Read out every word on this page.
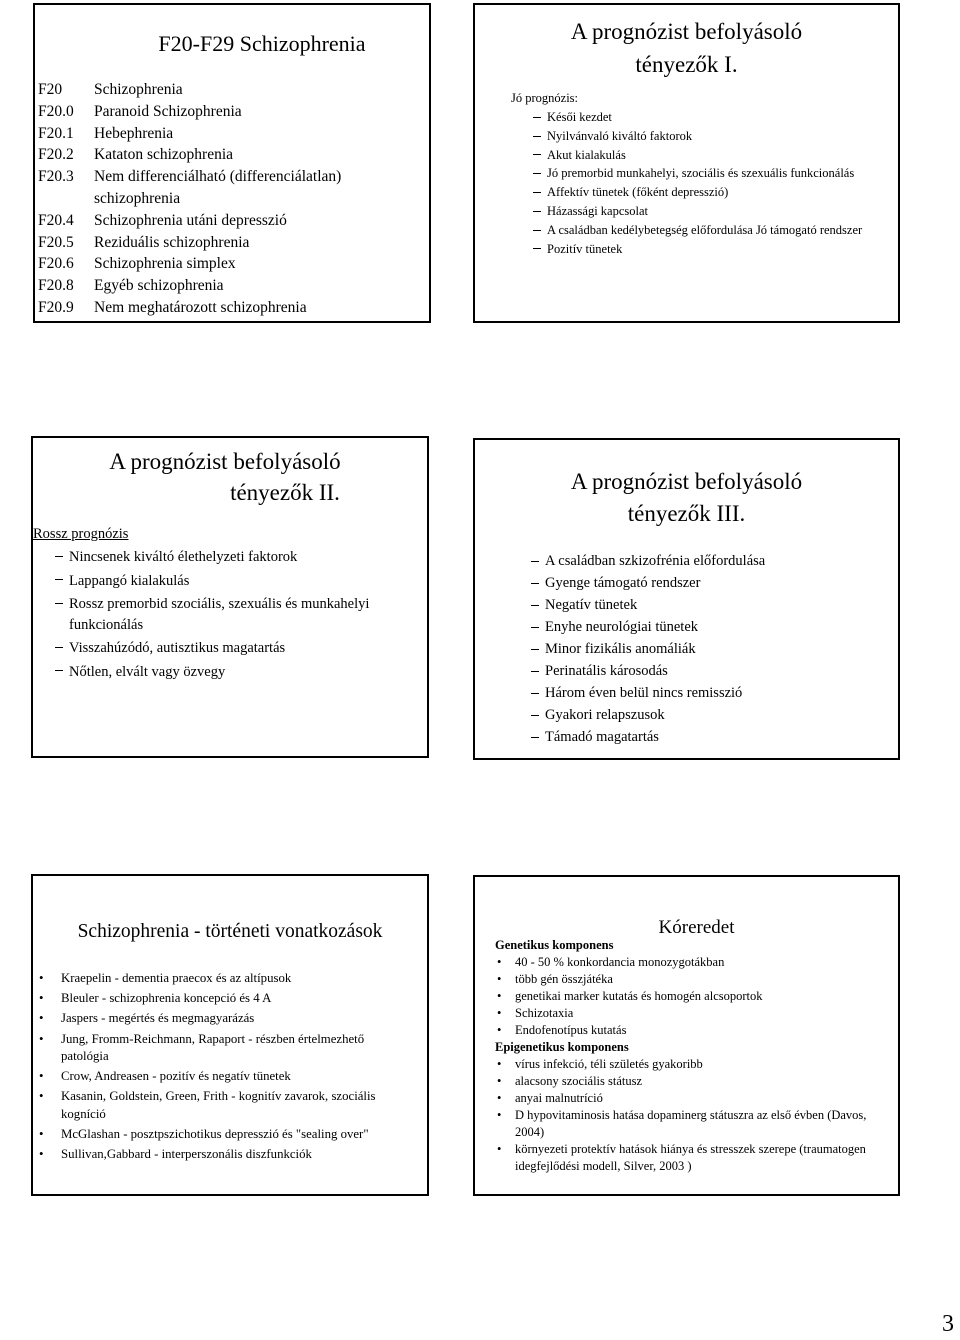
F20-F29 Schizophrenia
F20 Schizophrenia
F20.0 Paranoid Schizophrenia
F20.1 Hebephrenia
F20.2 Kataton schizophrenia
F20.3 Nem differenciálható (differenciálatlan)
schizophrenia
F20.4 Schizophrenia utáni depresszió
F20.5 Reziduális schizophrenia
F20.6 Schizophrenia simplex
F20.8 Egyéb schizophrenia
F20.9 Nem meghatározott schizophrenia
A prognózist befolyásoló
tényezők I.
Jó prognózis:
Késői kezdet
Nyilvánvaló kiváltó faktorok
Akut kialakulás
Jó premorbid munkahelyi, szociális és szexuális funkcionálás
Affektív tünetek (főként depresszió)
Házassági kapcsolat
A családban kedélybetegség előfordulása Jó támogató rendszer
Pozitív tünetek
A prognózist befolyásoló
tényezők II.
Rossz prognózis
Nincsenek kiváltó élethelyzeti faktorok
Lappangó kialakulás
Rossz premorbid szociális, szexuális és munkahelyi funkcionálás
Visszahúzódó, autisztikus magatartás
Nőtlen, elvált vagy özvegy
A prognózist befolyásoló
tényezők III.
A családban szkizofrénia előfordulása
Gyenge támogató rendszer
Negatív tünetek
Enyhe neurológiai tünetek
Minor fizikális anomáliák
Perinatális károsodás
Három éven belül nincs remisszió
Gyakori relapszusok
Támadó magatartás
Schizophrenia - történeti vonatkozások
• Kraepelin - dementia praecox és az altípusok
• Bleuler - schizophrenia koncepció és 4 A
• Jaspers - megértés és megmagyarázás
• Jung, Fromm-Reichmann, Rapaport - részben értelmezhető patológia
• Crow, Andreasen - pozitív és negatív tünetek
• Kasanin, Goldstein, Green, Frith - kognitív zavarok, szociális kogníció
• McGlashan - posztpszichotikus depresszió és "sealing over"
• Sullivan,Gabbard - interperszonális diszfunkciók
Kóreredet
Genetikus komponens
• 40 - 50 % konkordancia monozygotákban
• több gén összjátéka
• genetikai marker kutatás és homogén alcsoportok
• Schizotaxia
• Endofenotípus kutatás
Epigenetikus komponens
• vírus infekció, téli születés gyakoribb
• alacsony szociális státusz
• anyai malnutríció
• D hypovitaminosis hatása dopaminerg státuszra az első évben (Davos, 2004)
• környezeti protektív hatások hiánya és stresszek szerepe (traumatogen idegfejlődési modell, Silver, 2003 )
3
